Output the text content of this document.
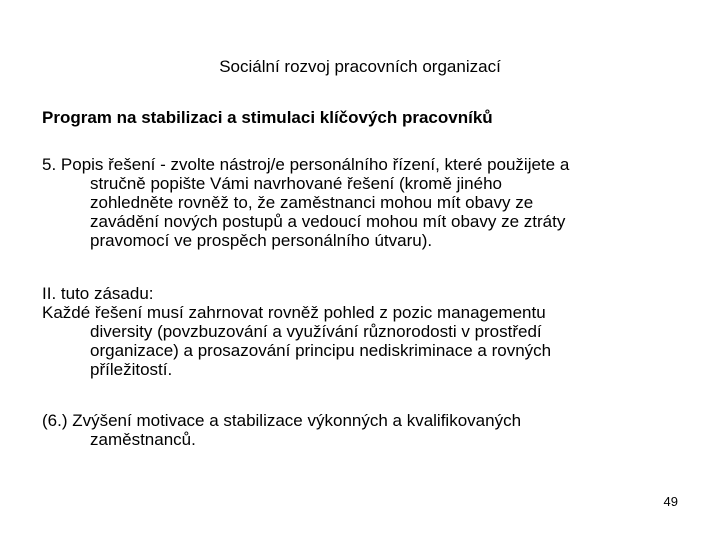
Sociální rozvoj pracovních organizací
Program na stabilizaci a stimulaci klíčových pracovníků
5. Popis řešení - zvolte nástroj/e personálního řízení, které použijete a
stručně popište Vámi navrhované řešení (kromě jiného
zohledněte rovněž to, že zaměstnanci mohou mít obavy ze
zavádění nových postupů a vedoucí mohou mít obavy ze ztráty
pravomocí ve prospěch personálního útvaru).
II. tuto zásadu:
Každé řešení musí zahrnovat rovněž pohled z pozic managementu
diversity (povzbuzování a využívání různorodosti v prostředí
organizace) a prosazování principu nediskriminace a rovných
příležitostí.
(6.) Zvýšení motivace a stabilizace výkonných a kvalifikovaných
zaměstnanců.
49
